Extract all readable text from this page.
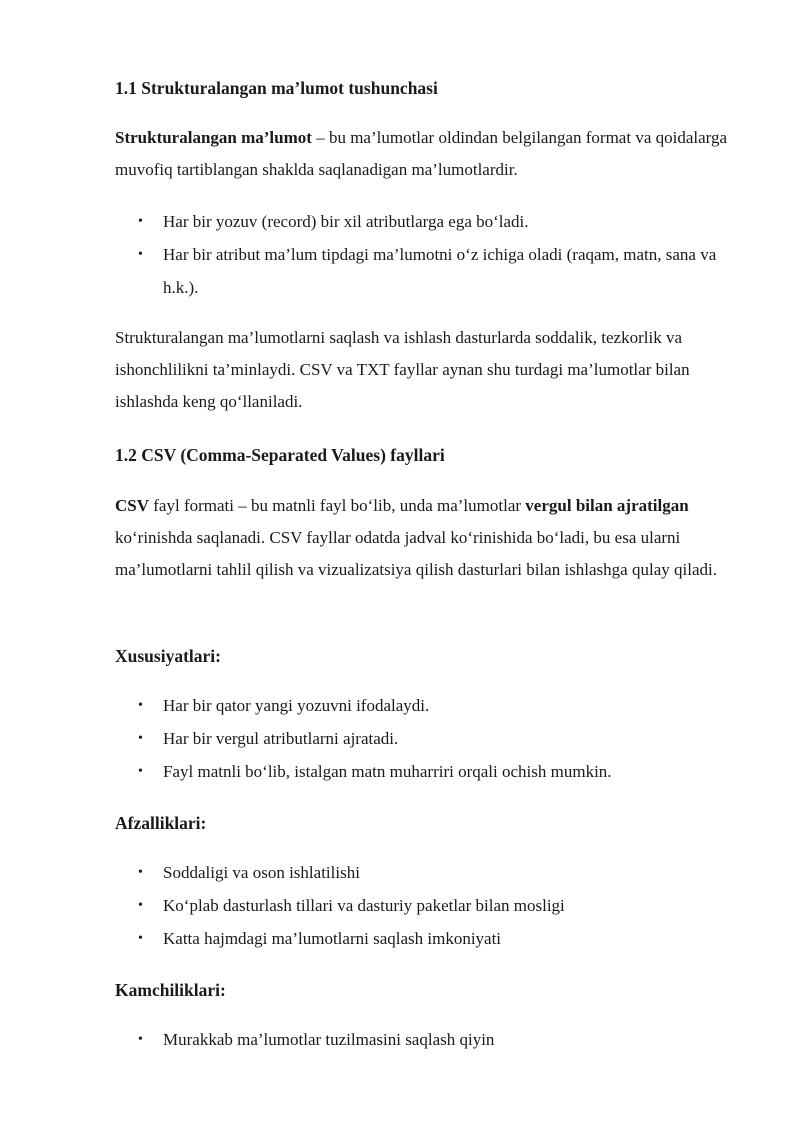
1.1 Strukturalangan ma’lumot tushunchasi
Strukturalangan ma’lumot – bu ma’lumotlar oldindan belgilangan format va qoidalarga muvofiq tartiblangan shaklda saqlanadigan ma’lumotlardir.
• Har bir yozuv (record) bir xil atributlarga ega bo‘ladi.
• Har bir atribut ma’lum tipdagi ma’lumotni o‘z ichiga oladi (raqam, matn, sana va h.k.).
Strukturalangan ma’lumotlarni saqlash va ishlash dasturlarda soddalik, tezkorlik va ishonchlilikni ta’minlaydi. CSV va TXT fayllar aynan shu turdagi ma’lumotlar bilan ishlashda keng qo‘llaniladi.
1.2 CSV (Comma-Separated Values) fayllari
CSV fayl formati – bu matnli fayl bo‘lib, unda ma’lumotlar vergul bilan ajratilgan ko‘rinishda saqlanadi. CSV fayllar odatda jadval ko‘rinishida bo‘ladi, bu esa ularni ma’lumotlarni tahlil qilish va vizualizatsiya qilish dasturlari bilan ishlashga qulay qiladi.
Xususiyatlari:
• Har bir qator yangi yozuvni ifodalaydi.
• Har bir vergul atributlarni ajratadi.
• Fayl matnli bo‘lib, istalgan matn muharriri orqali ochish mumkin.
Afzalliklari:
• Soddaligi va oson ishlatilishi
• Ko‘plab dasturlash tillari va dasturiy paketlar bilan mosligi
• Katta hajmdagi ma’lumotlarni saqlash imkoniyati
Kamchiliklari:
• Murakkab ma’lumotlar tuzilmasini saqlash qiyin
